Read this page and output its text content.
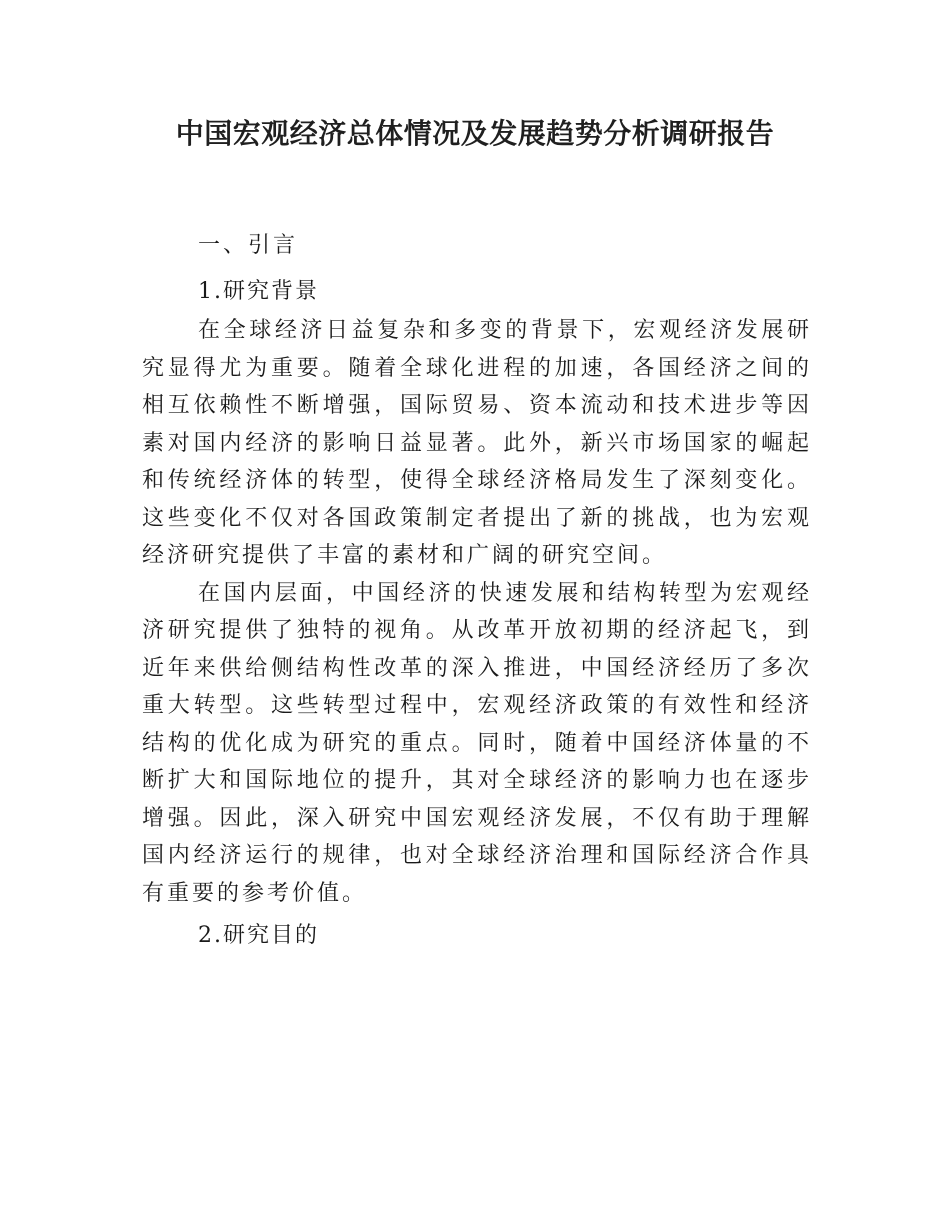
中国宏观经济总体情况及发展趋势分析调研报告

一、引言

1.研究背景

在全球经济日益复杂和多变的背景下，宏观经济发展研究显得尤为重要。随着全球化进程的加速，各国经济之间的相互依赖性不断增强，国际贸易、资本流动和技术进步等因素对国内经济的影响日益显著。此外，新兴市场国家的崛起和传统经济体的转型，使得全球经济格局发生了深刻变化。这些变化不仅对各国政策制定者提出了新的挑战，也为宏观经济研究提供了丰富的素材和广阔的研究空间。

在国内层面，中国经济的快速发展和结构转型为宏观经济研究提供了独特的视角。从改革开放初期的经济起飞，到近年来供给侧结构性改革的深入推进，中国经济经历了多次重大转型。这些转型过程中，宏观经济政策的有效性和经济结构的优化成为研究的重点。同时，随着中国经济体量的不断扩大和国际地位的提升，其对全球经济的影响力也在逐步增强。因此，深入研究中国宏观经济发展，不仅有助于理解国内经济运行的规律，也对全球经济治理和国际经济合作具有重要的参考价值。

2.研究目的
